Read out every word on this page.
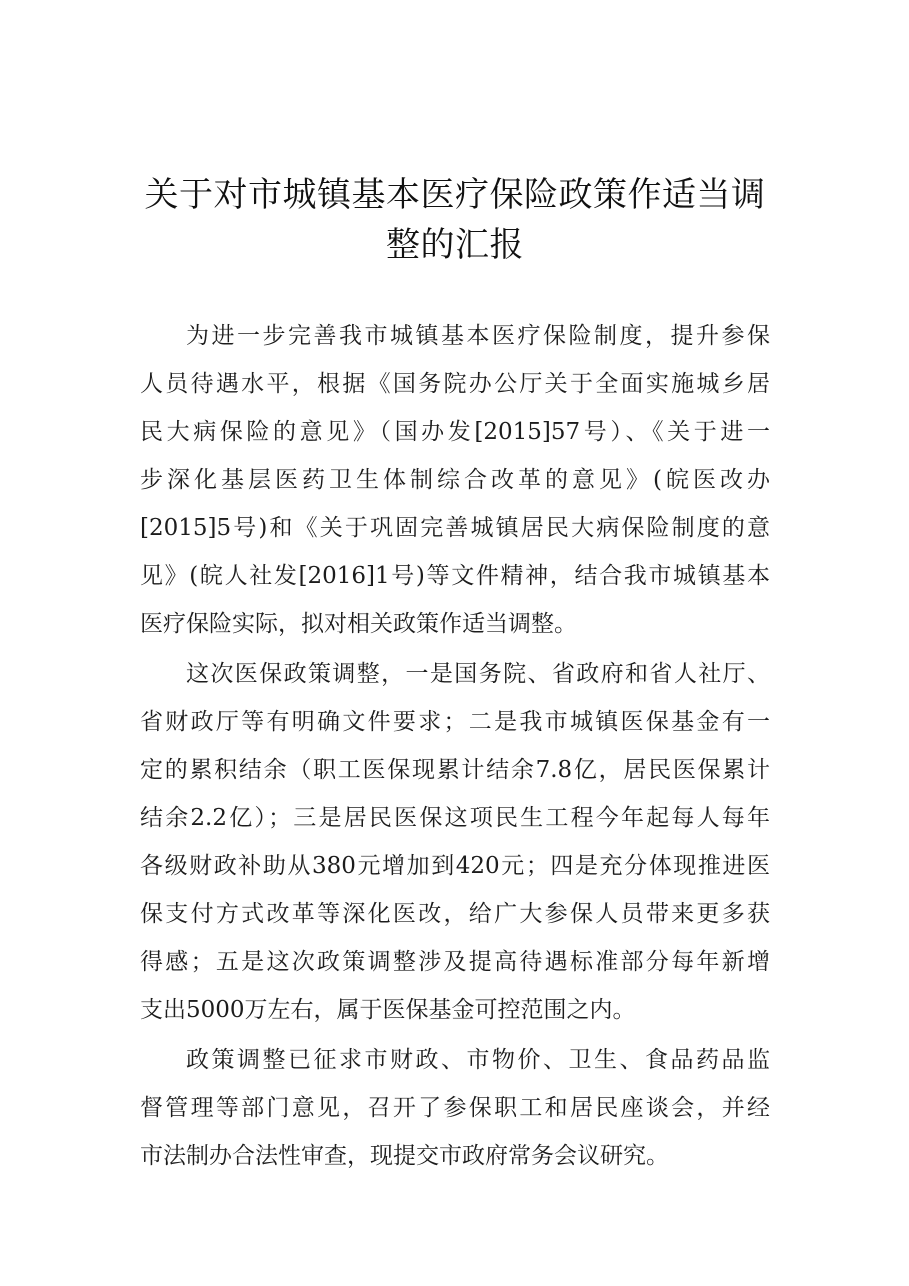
关于对市城镇基本医疗保险政策作适当调
整的汇报
为进一步完善我市城镇基本医疗保险制度，提升参保
人员待遇水平，根据《国务院办公厅关于全面实施城乡居
民大病保险的意见》（国办发[2015]57号）、《关于进一
步深化基层医药卫生体制综合改革的意见》(皖医改办
[2015]5号)和《关于巩固完善城镇居民大病保险制度的意
见》(皖人社发[2016]1号)等文件精神，结合我市城镇基本
医疗保险实际，拟对相关政策作适当调整。
这次医保政策调整，一是国务院、省政府和省人社厅、
省财政厅等有明确文件要求；二是我市城镇医保基金有一
定的累积结余（职工医保现累计结余7.8亿，居民医保累计
结余2.2亿）；三是居民医保这项民生工程今年起每人每年
各级财政补助从380元增加到420元；四是充分体现推进医
保支付方式改革等深化医改，给广大参保人员带来更多获
得感；五是这次政策调整涉及提高待遇标准部分每年新增
支出5000万左右，属于医保基金可控范围之内。
政策调整已征求市财政、市物价、卫生、食品药品监
督管理等部门意见，召开了参保职工和居民座谈会，并经
市法制办合法性审查，现提交市政府常务会议研究。
